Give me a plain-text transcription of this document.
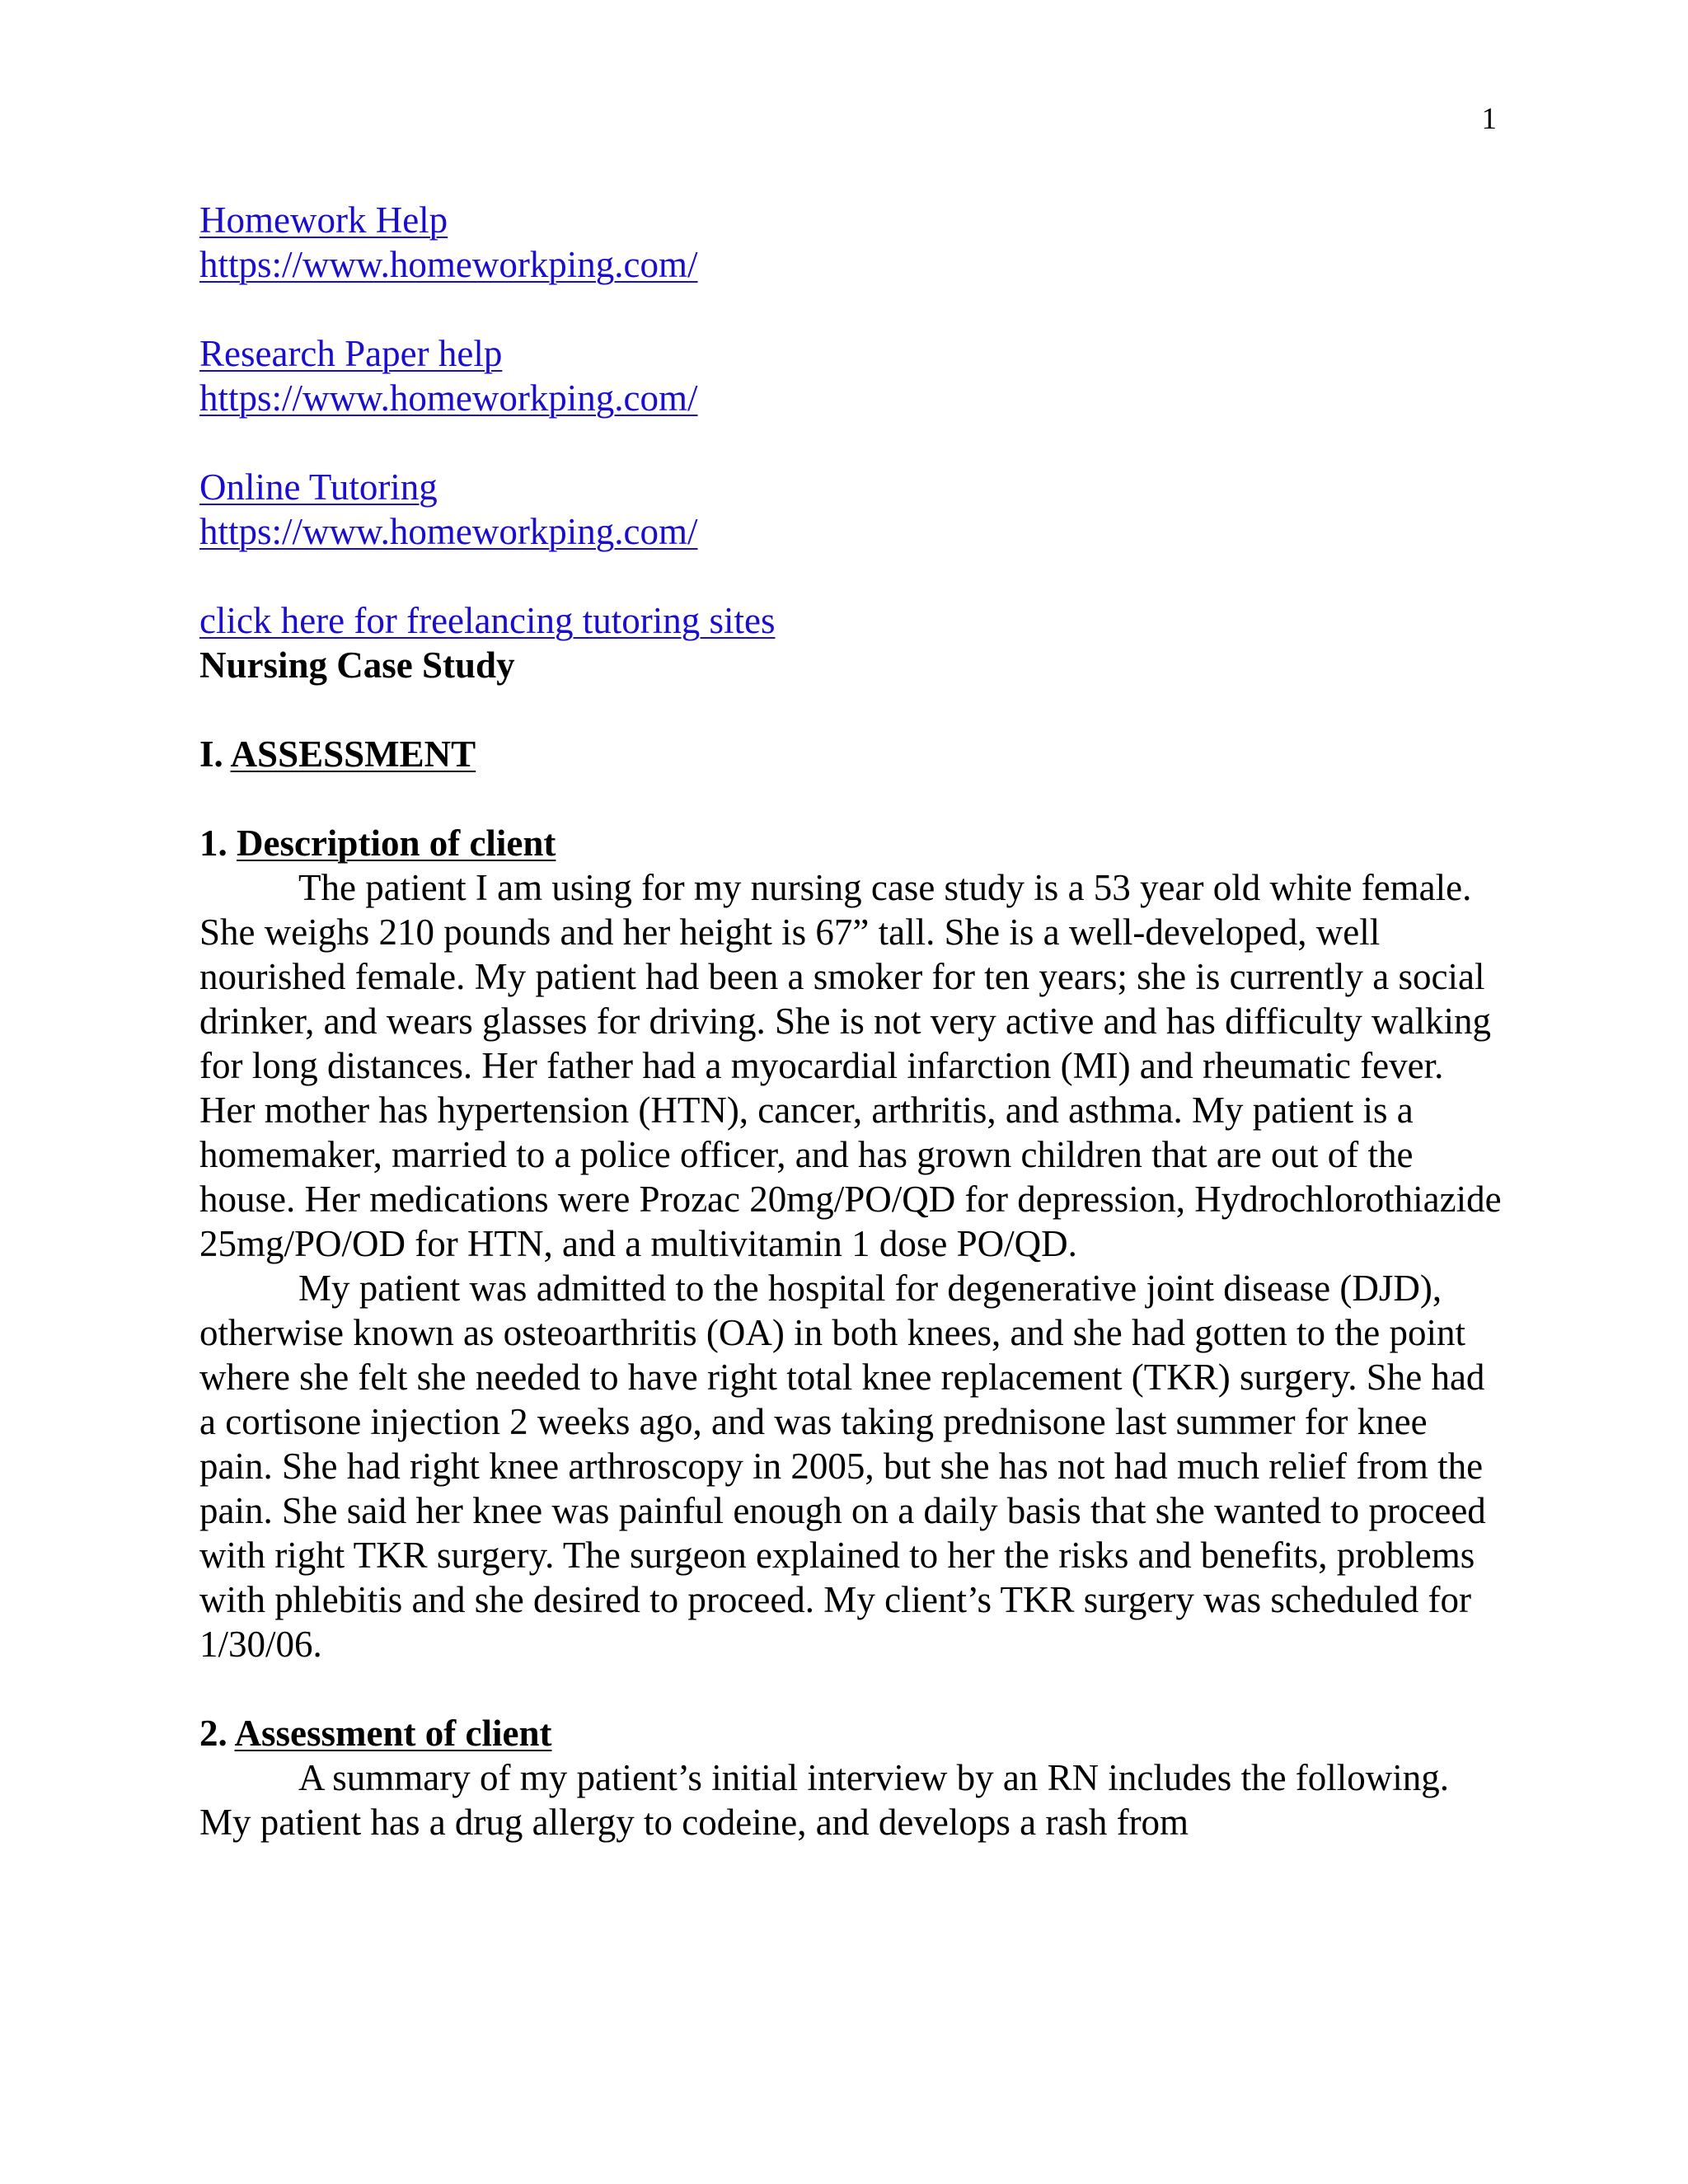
1
Homework Help
https://www.homeworkping.com/
Research Paper help
https://www.homeworkping.com/
Online Tutoring
https://www.homeworkping.com/
click here for freelancing tutoring sites

Nursing Case Study

I. ASSESSMENT

1. Description of client

The patient I am using for my nursing case study is a 53 year old white female. She weighs 210 pounds and her height is 67” tall. She is a well-developed, well nourished female. My patient had been a smoker for ten years; she is currently a social drinker, and wears glasses for driving. She is not very active and has difficulty walking for long distances. Her father had a myocardial infarction (MI) and rheumatic fever. Her mother has hypertension (HTN), cancer, arthritis, and asthma. My patient is a homemaker, married to a police officer, and has grown children that are out of the house. Her medications were Prozac 20mg/PO/QD for depression, Hydrochlorothiazide 25mg/PO/OD for HTN, and a multivitamin 1 dose PO/QD.

My patient was admitted to the hospital for degenerative joint disease (DJD), otherwise known as osteoarthritis (OA) in both knees, and she had gotten to the point where she felt she needed to have right total knee replacement (TKR) surgery. She had a cortisone injection 2 weeks ago, and was taking prednisone last summer for knee pain. She had right knee arthroscopy in 2005, but she has not had much relief from the pain. She said her knee was painful enough on a daily basis that she wanted to proceed with right TKR surgery. The surgeon explained to her the risks and benefits, problems with phlebitis and she desired to proceed. My client’s TKR surgery was scheduled for 1/30/06.

2. Assessment of client

A summary of my patient’s initial interview by an RN includes the following. My patient has a drug allergy to codeine, and develops a rash from
